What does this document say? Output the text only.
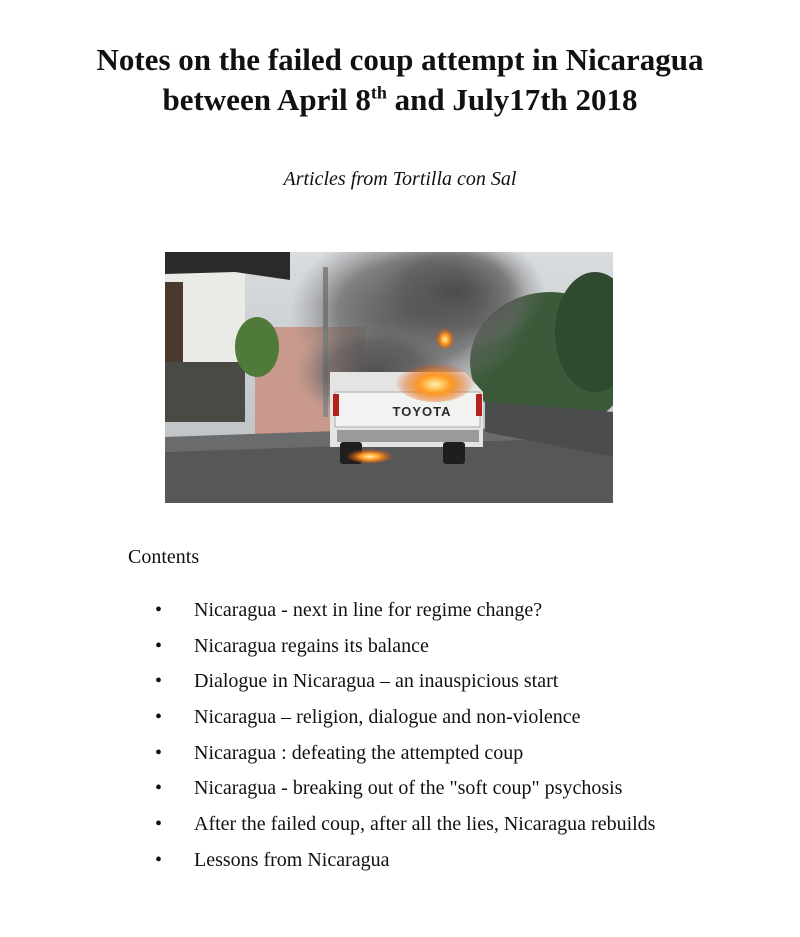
Notes on the failed coup attempt in Nicaragua
between April 8th and July17th 2018

Articles from Tortilla con Sal

TOYOTA

Contents

•	Nicaragua - next in line for regime change?
•	Nicaragua regains its balance
•	Dialogue in Nicaragua – an inauspicious start
•	Nicaragua – religion, dialogue and non-violence
•	Nicaragua : defeating the attempted coup
•	Nicaragua - breaking out of the "soft coup" psychosis
•	After the failed coup, after all the lies, Nicaragua rebuilds
•	Lessons from Nicaragua
